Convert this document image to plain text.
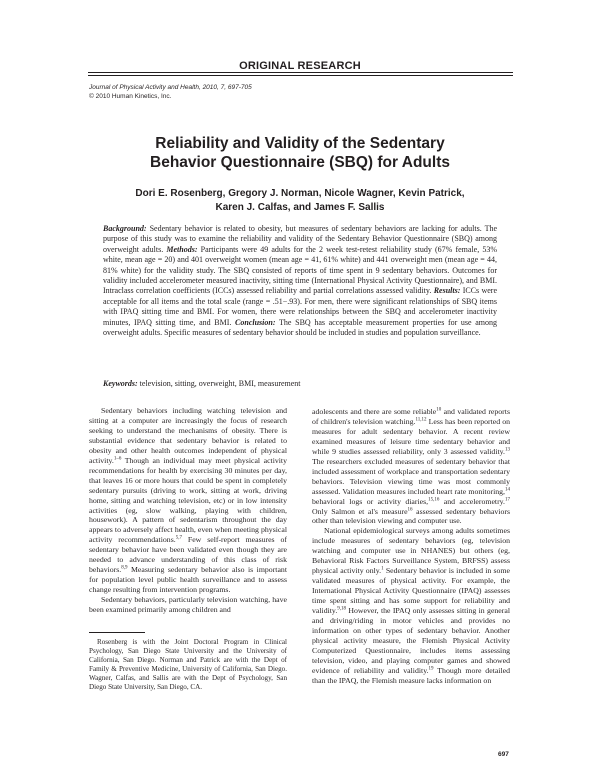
ORIGINAL RESEARCH
Journal of Physical Activity and Health, 2010, 7, 697-705
© 2010 Human Kinetics, Inc.
Reliability and Validity of the Sedentary
Behavior Questionnaire (SBQ) for Adults
Dori E. Rosenberg, Gregory J. Norman, Nicole Wagner, Kevin Patrick,
Karen J. Calfas, and James F. Sallis
Background: Sedentary behavior is related to obesity, but measures of sedentary behaviors are lacking for adults. The purpose of this study was to examine the reliability and validity of the Sedentary Behavior Questionnaire (SBQ) among overweight adults. Methods: Participants were 49 adults for the 2 week test-retest reliability study (67% female, 53% white, mean age = 20) and 401 overweight women (mean age = 41, 61% white) and 441 overweight men (mean age = 44, 81% white) for the validity study. The SBQ consisted of reports of time spent in 9 sedentary behaviors. Outcomes for validity included accelerometer measured inactivity, sitting time (International Physical Activity Questionnaire), and BMI. Intraclass correlation coefficients (ICCs) assessed reliability and partial correlations assessed validity. Results: ICCs were acceptable for all items and the total scale (range = .51−.93). For men, there were significant relationships of SBQ items with IPAQ sitting time and BMI. For women, there were relationships between the SBQ and accelerometer inactivity minutes, IPAQ sitting time, and BMI. Conclusion: The SBQ has acceptable measurement properties for use among overweight adults. Specific measures of sedentary behavior should be included in studies and population surveillance.
Keywords: television, sitting, overweight, BMI, measurement

Sedentary behaviors including watching television and sitting at a computer are increasingly the focus of research seeking to understand the mechanisms of obesity. There is substantial evidence that sedentary behavior is related to obesity and other health outcomes independent of physical activity.$^{1-6}$ Though an individual may meet physical activity recommendations for health by exercising 30 minutes per day, that leaves 16 or more hours that could be spent in completely sedentary pursuits (driving to work, sitting at work, driving home, sitting and watching television, etc) or in low intensity activities (eg, slow walking, playing with children, housework). A pattern of sedentarism throughout the day appears to adversely affect health, even when meeting physical activity recommendations.$^{5,7}$ Few self-report measures of sedentary behavior have been validated even though they are needed to advance understanding of this class of risk behaviors.$^{8,9}$ Measuring sedentary behavior also is important for population level public health surveillance and to assess change resulting from intervention programs.

Sedentary behaviors, particularly television watching, have been examined primarily among children and

adolescents and there are some reliable$^{10}$ and validated reports of children's television watching.$^{11,12}$ Less has been reported on measures for adult sedentary behavior. A recent review examined measures of leisure time sedentary behavior and while 9 studies assessed reliability, only 3 assessed validity.$^{13}$ The researchers excluded measures of sedentary behavior that included assessment of workplace and transportation sedentary behaviors. Television viewing time was most commonly assessed. Validation measures included heart rate monitoring,$^{14}$ behavioral logs or activity diaries,$^{15,16}$ and accelerometry.$^{17}$ Only Salmon et al's measure$^{16}$ assessed sedentary behaviors other than television viewing and computer use.

National epidemiological surveys among adults sometimes include measures of sedentary behaviors (eg, television watching and computer use in NHANES) but others (eg, Behavioral Risk Factors Surveillance System, BRFSS) assess physical activity only.$^1$ Sedentary behavior is included in some validated measures of physical activity. For example, the International Physical Activity Questionnaire (IPAQ) assesses time spent sitting and has some support for reliability and validity.$^{9,18}$ However, the IPAQ only assesses sitting in general and driving/riding in motor vehicles and provides no information on other types of sedentary behavior. Another physical activity measure, the Flemish Physical Activity Computerized Questionnaire, includes items assessing television, video, and playing computer games and showed evidence of reliability and validity.$^{19}$ Though more detailed than the IPAQ, the Flemish measure lacks information on

Rosenberg is with the Joint Doctoral Program in Clinical Psychology, San Diego State University and the University of California, San Diego. Norman and Patrick are with the Dept of Family & Preventive Medicine, University of California, San Diego. Wagner, Calfas, and Sallis are with the Dept of Psychology, San Diego State University, San Diego, CA.

697
